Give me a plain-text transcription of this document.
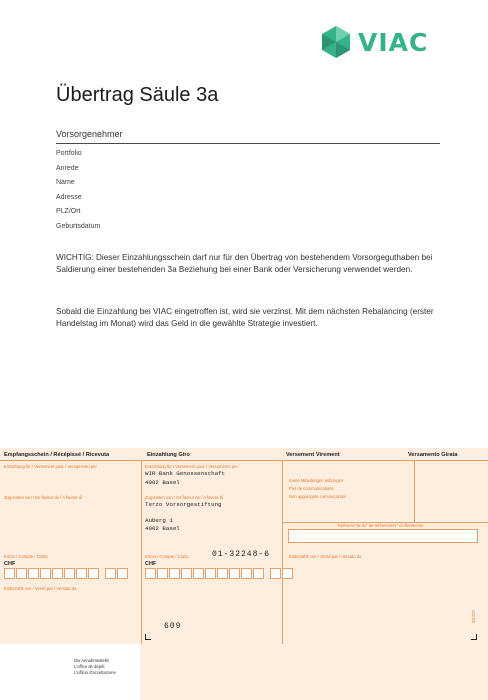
VIAC
Übertrag Säule 3a
Vorsorgenehmer
Portfolio
Anrede
Name
Adresse
PLZ/Ort
Geburtsdatum

WICHTIG: Dieser Einzahlungsschein darf nur für den Übertrag von bestehendem Vorsorgeguthaben bei Saldierung einer bestehenden 3a Beziehung bei einer Bank oder Versicherung verwendet werden.

Sobald die Einzahlung bei VIAC eingetroffen ist, wird sie verzinst. Mit dem nächsten Rebalancing (erster Handelstag im Monat) wird das Geld in die gewählte Strategie investiert.

Empfangsschein / Récépissé / Ricevuta	Einzahlung Giro	Versement Virement	Versamento Girata
Einzahlung für / Versement pour / Versamento per
Zugunsten von / En faveur de / A favore di
Konto / Compte / Conto
CHF
Einbezahlt von / Versé par / Versato da
Einzahlung für / Versement pour / Versamento per
WIR Bank Genossenschaft
4002 Basel
Zugunsten von / En faveur de / A favore di
Terzo Vorsorgestiftung
Auberg 1
4002 Basel
Konto / Compte / Conto	01-32248-6
CHF
609
Keine Mitteilungen anbringen
Pas de communications
Non aggiungete comunicazioni
Referenz-Nr./N° de référence/N° di riferimento
Einbezahlt von / Versé par / Versato da
442.06
Die Annahmestelle
L'office de dépôt
L'ufficio d'accettazione
